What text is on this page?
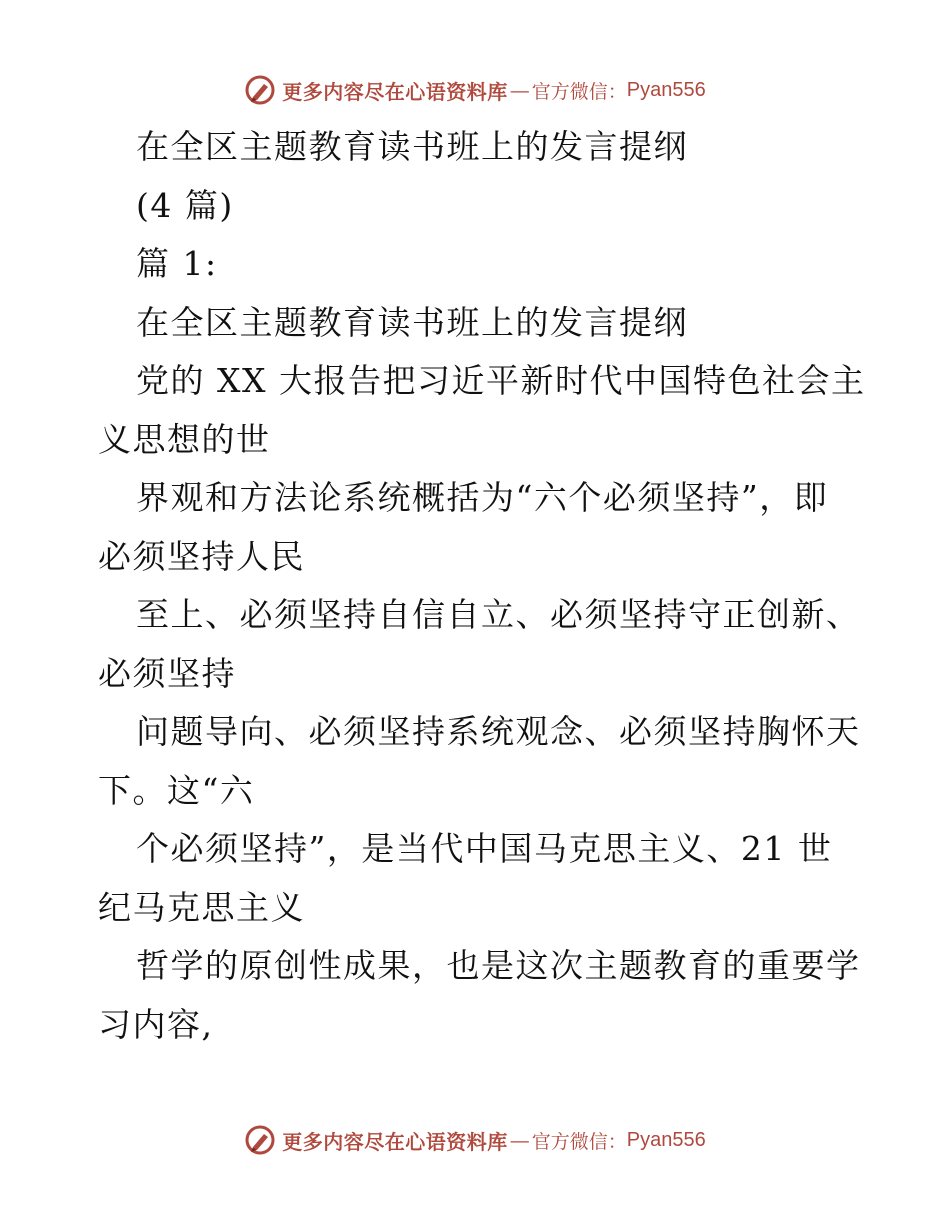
更多内容尽在心语资料库 — 官方微信： Pyan556
在全区主题教育读书班上的发言提纲
(4 篇)
篇 1:
在全区主题教育读书班上的发言提纲
党的 XX 大报告把习近平新时代中国特色社会主
义思想的世
界观和方法论系统概括为“六个必须坚持”，即
必须坚持人民
至上、必须坚持自信自立、必须坚持守正创新、
必须坚持
问题导向、必须坚持系统观念、必须坚持胸怀天
下。这“六
个必须坚持”，是当代中国马克思主义、21 世
纪马克思主义
哲学的原创性成果，也是这次主题教育的重要学
习内容,
更多内容尽在心语资料库 — 官方微信： Pyan556
